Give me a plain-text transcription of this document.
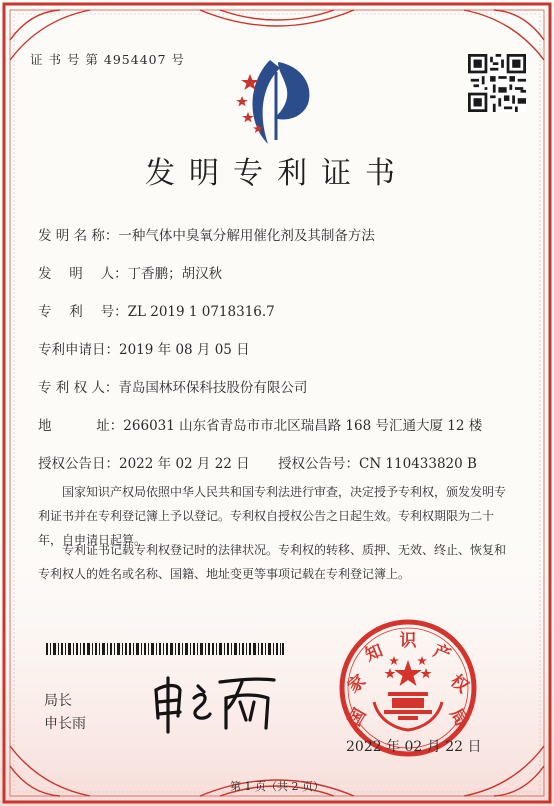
证 书 号 第 4954407 号
发明专利证书
发 明 名 称：一种气体中臭氧分解用催化剂及其制备方法
发　 明　 人：丁香鹏；胡汉秋
专　 利　 号：ZL 2019 1 0718316.7
专利申请日：2019 年 08 月 05 日
专 利 权 人：青岛国林环保科技股份有限公司
地　　　 址：266031 山东省青岛市市北区瑞昌路 168 号汇通大厦 12 楼
授权公告日：2022 年 02 月 22 日 授权公告号：CN 110433820 B
　　国家知识产权局依照中华人民共和国专利法进行审查，决定授予专利权，颁发发明专利证书并在专利登记簿上予以登记。专利权自授权公告之日起生效。专利权期限为二十年，自申请日起算。
　　专利证书记载专利权登记时的法律状况。专利权的转移、质押、无效、终止、恢复和专利权人的姓名或名称、国籍、地址变更等事项记载在专利登记簿上。
局长
申长雨	国
家
知 识 产
权
局
2022 年 02 月 22 日
第 1 页（共 2 页）
